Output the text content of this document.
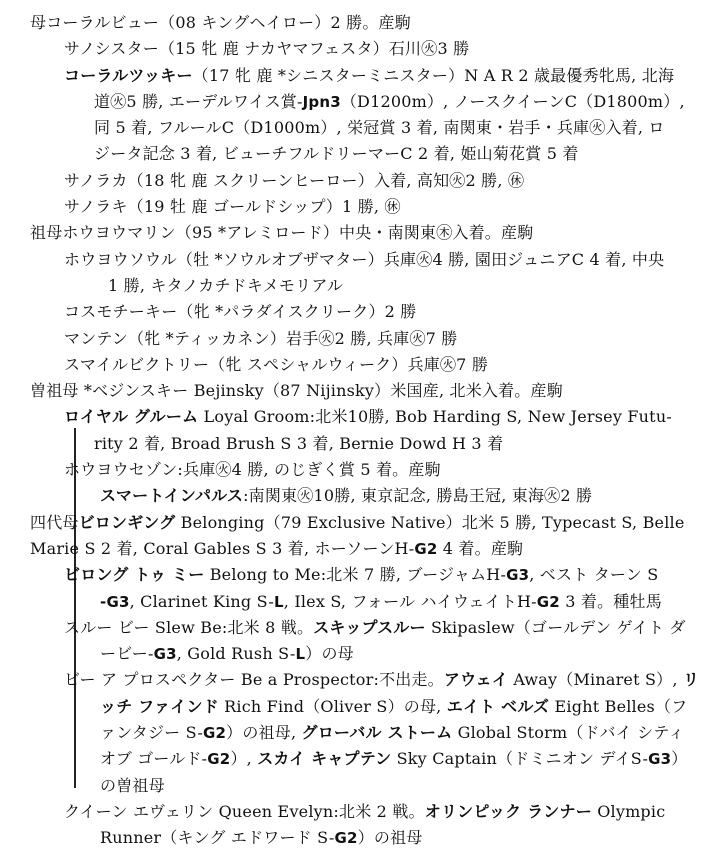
母コーラルビュー（08 キングヘイロー）2 勝。産駒

サノシスター（15 牝 鹿 ナカヤマフェスタ）石川㊋3 勝

コーラルツッキー（17 牝 鹿 *シニスターミニスター）N A R 2 歳最優秀牝馬, 北海

道㊋5 勝, エーデルワイス賞-Jpn3（D1200m）, ノースクイーンC（D1800m）,

同 5 着, フルールC（D1000m）, 栄冠賞 3 着, 南関東・岩手・兵庫㊋入着, ロ

ジータ記念 3 着, ビューチフルドリーマーC 2 着, 姫山菊花賞 5 着

サノラカ（18 牝 鹿 スクリーンヒーロー）入着, 高知㊋2 勝, ㊡

サノラキ（19 牡 鹿 ゴールドシップ）1 勝, ㊡

祖母ホウヨウマリン（95 *アレミロード）中央・南関東㊍入着。産駒

ホウヨウソウル（牡 *ソウルオブザマター）兵庫㊋4 勝, 園田ジュニアC 4 着, 中央

1 勝, キタノカチドキメモリアル

コスモチーキー（牝 *パラダイスクリーク）2 勝

マンテン（牝 *ティッカネン）岩手㊋2 勝, 兵庫㊋7 勝

スマイルビクトリー（牝 スペシャルウィーク）兵庫㊋7 勝

曽祖母 *ベジンスキー Bejinsky（87 Nijinsky）米国産, 北米入着。産駒

ロイヤル グルーム Loyal Groom:北米10勝, Bob Harding S, New Jersey Futu-

rity 2 着, Broad Brush S 3 着, Bernie Dowd H 3 着

ホウヨウセゾン:兵庫㊋4 勝, のじぎく賞 5 着。産駒

スマートインパルス:南関東㊋10勝, 東京記念, 勝島王冠, 東海㊋2 勝

四代母ビロンギング Belonging（79 Exclusive Native）北米 5 勝, Typecast S, Belle

Marie S 2 着, Coral Gables S 3 着, ホーソーンH-G2 4 着。産駒

ビロング トゥ ミー Belong to Me:北米 7 勝, ブージャムH-G3, ベスト ターン S

-G3, Clarinet King S-L, Ilex S, フォール ハイウェイトH-G2 3 着。種牡馬

スルー ビー Slew Be:北米 8 戦。スキップスルー Skipaslew（ゴールデン ゲイト ダ

ービー-G3, Gold Rush S-L）の母

ビー ア プロスペクター Be a Prospector:不出走。アウェイ Away（Minaret S）, リ

ッチ ファインド Rich Find（Oliver S）の母, エイト ベルズ Eight Belles（フ

ァンタジー S-G2）の祖母, グローバル ストーム Global Storm（ドバイ シティ

オブ ゴールド-G2）, スカイ キャプテン Sky Captain（ドミニオン デイS-G3）

の曽祖母

クイーン エヴェリン Queen Evelyn:北米 2 戦。オリンピック ランナー Olympic

Runner（キング エドワード S-G2）の祖母
